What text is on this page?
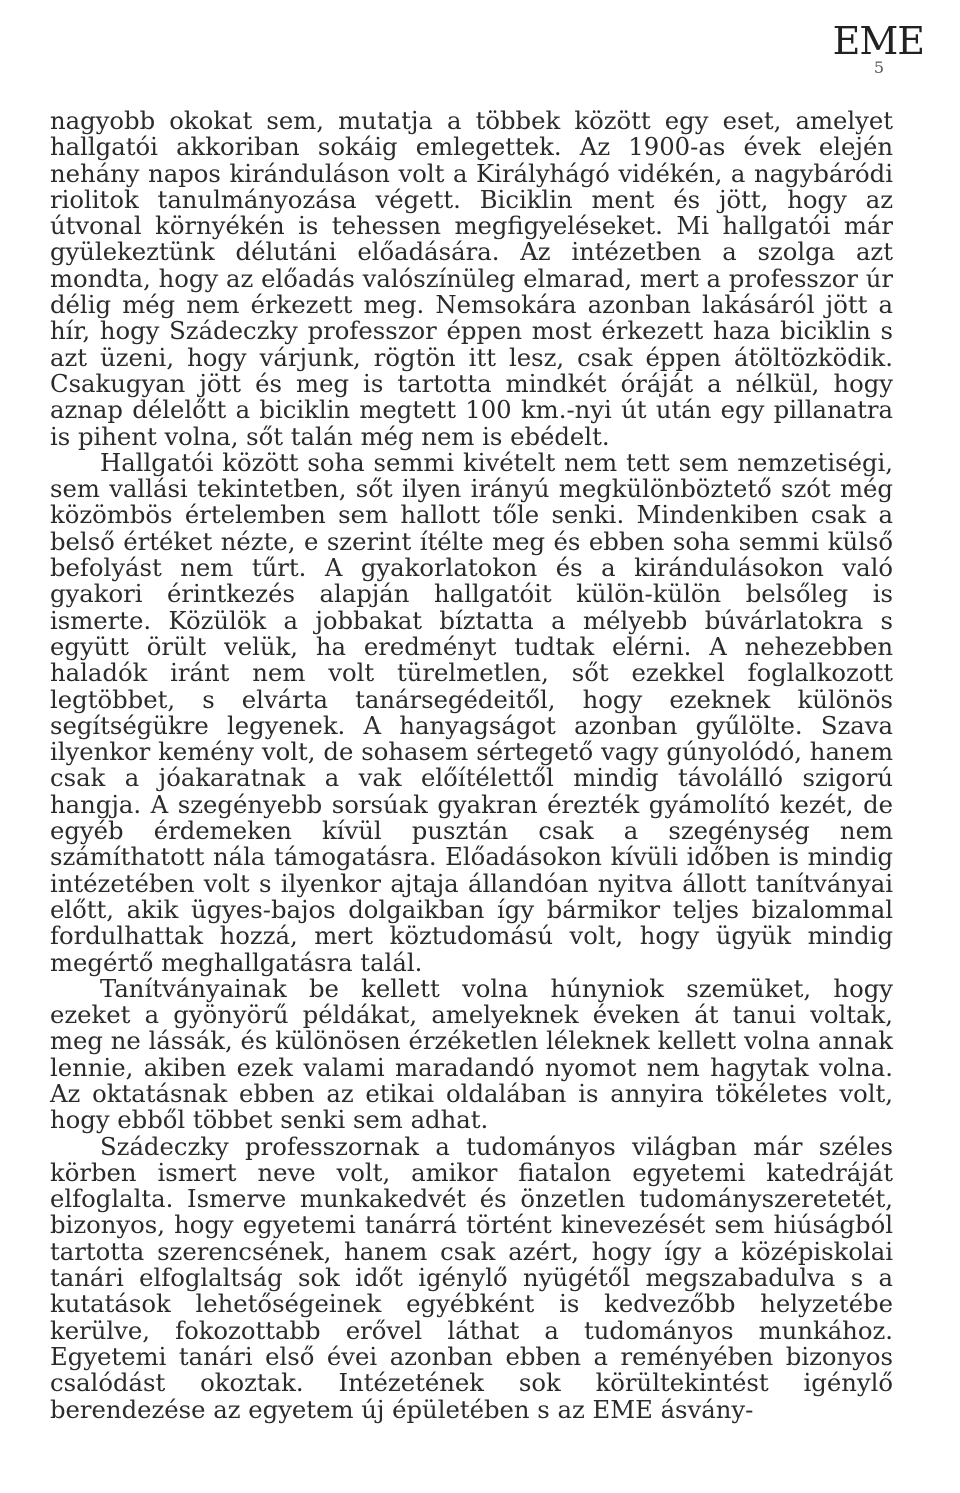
EME
5

nagyobb okokat sem, mutatja a többek között egy eset, amelyet hallgatói akkoriban sokáig emlegettek. Az 1900-as évek elején nehány napos kiránduláson volt a Királyhágó vidékén, a nagybáródi riolitok tanulmányozása végett. Biciklin ment és jött, hogy az útvonal környékén is tehessen megfigyeléseket. Mi hallgatói már gyülekeztünk délutáni előadására. Az intézetben a szolga azt mondta, hogy az előadás valószínüleg elmarad, mert a professzor úr délig még nem érkezett meg. Nemsokára azonban lakásáról jött a hír, hogy Szádeczky professzor éppen most érkezett haza biciklin s azt üzeni, hogy várjunk, rögtön itt lesz, csak éppen átöltözködik. Csakugyan jött és meg is tartotta mindkét óráját a nélkül, hogy aznap délelőtt a biciklin megtett 100 km.-nyi út után egy pillanatra is pihent volna, sőt talán még nem is ebédelt.

Hallgatói között soha semmi kivételt nem tett sem nemzetiségi, sem vallási tekintetben, sőt ilyen irányú megkülönböztető szót még közömbös értelemben sem hallott tőle senki. Mindenkiben csak a belső értéket nézte, e szerint ítélte meg és ebben soha semmi külső befolyást nem tűrt. A gyakorlatokon és a kirándulásokon való gyakori érintkezés alapján hallgatóit külön-külön belsőleg is ismerte. Közülök a jobbakat bíztatta a mélyebb búvárlatokra s együtt örült velük, ha eredményt tudtak elérni. A nehezebben haladók iránt nem volt türelmetlen, sőt ezekkel foglalkozott legtöbbet, s elvárta tanársegédeitől, hogy ezeknek különös segítségükre legyenek. A hanyagságot azonban gyűlölte. Szava ilyenkor kemény volt, de sohasem sértegető vagy gúnyolódó, hanem csak a jóakaratnak a vak előítélettől mindig távolálló szigorú hangja. A szegényebb sorsúak gyakran érezték gyámolító kezét, de egyéb érdemeken kívül pusztán csak a szegénység nem számíthatott nála támogatásra. Előadásokon kívüli időben is mindig intézetében volt s ilyenkor ajtaja állandóan nyitva állott tanítványai előtt, akik ügyes-bajos dolgaikban így bármikor teljes bizalommal fordulhattak hozzá, mert köztudomású volt, hogy ügyük mindig megértő meghallgatásra talál.

Tanítványainak be kellett volna húnyniok szemüket, hogy ezeket a gyönyörű példákat, amelyeknek éveken át tanui voltak, meg ne lássák, és különösen érzéketlen léleknek kellett volna annak lennie, akiben ezek valami maradandó nyomot nem hagytak volna. Az oktatásnak ebben az etikai oldalában is annyira tökéletes volt, hogy ebből többet senki sem adhat.

Szádeczky professzornak a tudományos világban már széles körben ismert neve volt, amikor fiatalon egyetemi katedráját elfoglalta. Ismerve munkakedvét és önzetlen tudományszeretetét, bizonyos, hogy egyetemi tanárrá történt kinevezését sem hiúságból tartotta szerencsének, hanem csak azért, hogy így a középiskolai tanári elfoglaltság sok időt igénylő nyügétől megszabadulva s a kutatások lehetőségeinek egyébként is kedvezőbb helyzetébe kerülve, fokozottabb erővel láthat a tudományos munkához. Egyetemi tanári első évei azonban ebben a reményében bizonyos csalódást okoztak. Intézetének sok körültekintést igénylő berendezése az egyetem új épületében s az EME ásvány-
